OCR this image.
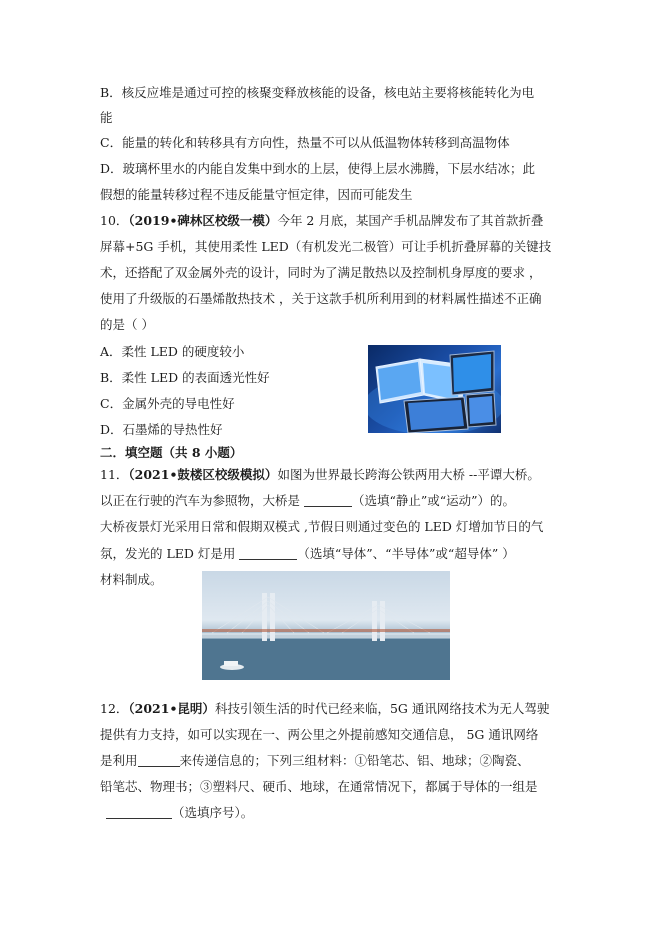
B．核反应堆是通过可控的核聚变释放核能的设备，核电站主要将核能转化为电
能
C．能量的转化和转移具有方向性，热量不可以从低温物体转移到高温物体
D．玻璃杯里水的内能自发集中到水的上层，使得上层水沸腾，下层水结冰；此
假想的能量转移过程不违反能量守恒定律，因而可能发生
10．（2019•碑林区校级一模）今年 2 月底，某国产手机品牌发布了其首款折叠
屏幕+5G 手机，其使用柔性 LED（有机发光二极管）可让手机折叠屏幕的关键技
术，还搭配了双金属外壳的设计，同时为了满足散热以及控制机身厚度的要求 ，
使用了升级版的石墨烯散热技术 ，关于这款手机所利用到的材料属性描述不正确
的是（ ）
A．柔性 LED 的硬度较小
B．柔性 LED 的表面透光性好
C．金属外壳的导电性好
D．石墨烯的导热性好
二．填空题（共 8 小题）
11．（2021•鼓楼区校级模拟）如图为世界最长跨海公铁两用大桥 --平谭大桥。
以正在行驶的汽车为参照物，大桥是	（选填“静止”或“运动”）的。
大桥夜景灯光采用日常和假期双模式 ,节假日则通过变色的 LED 灯增加节日的气
氛，发光的 LED 灯是用	（选填“导体”、“半导体”或“超导体” ）
材料制成。
12．（2021•昆明）科技引领生活的时代已经来临，5G 通讯网络技术为无人驾驶
提供有力支持，如可以实现在一、两公里之外提前感知交通信息， 5G 通讯网络
是利用	来传递信息的；下列三组材料：①铅笔芯、铝、地球；②陶瓷、
铅笔芯、物理书；③塑料尺、硬币、地球，在通常情况下，都属于导体的一组是
（选填序号）。
